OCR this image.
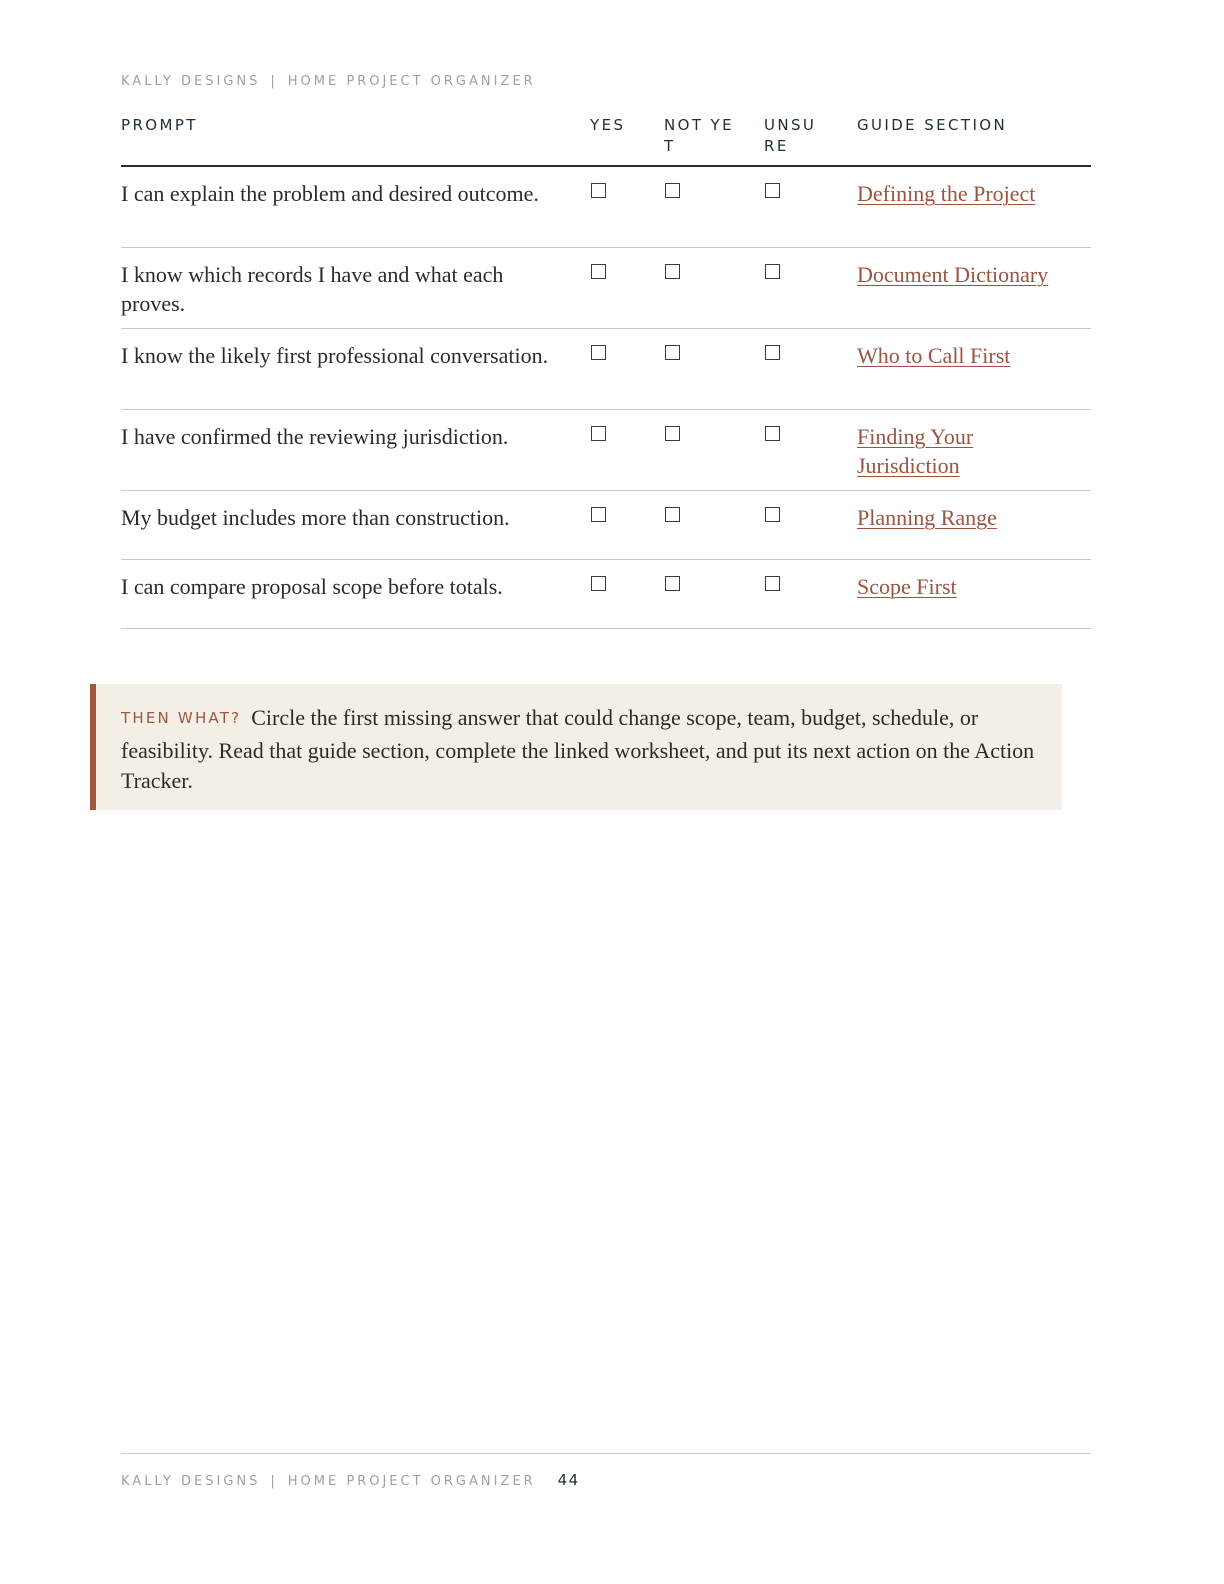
KALLY DESIGNS | HOME PROJECT ORGANIZER
PROMPT	YES	NOT YET	UNSURE	GUIDE SECTION
I can explain the problem and desired outcome.				Defining the Project
I know which records I have and what each proves.				Document Dictionary
I know the likely first professional conversation.				Who to Call First
I have confirmed the reviewing jurisdiction.				Finding Your Jurisdiction
My budget includes more than construction.				Planning Range
I can compare proposal scope before totals.				Scope First
THEN WHAT? Circle the first missing answer that could change scope, team, budget, schedule, or feasibility. Read that guide section, complete the linked worksheet, and put its next action on the Action Tracker.
KALLY DESIGNS | HOME PROJECT ORGANIZER 44
